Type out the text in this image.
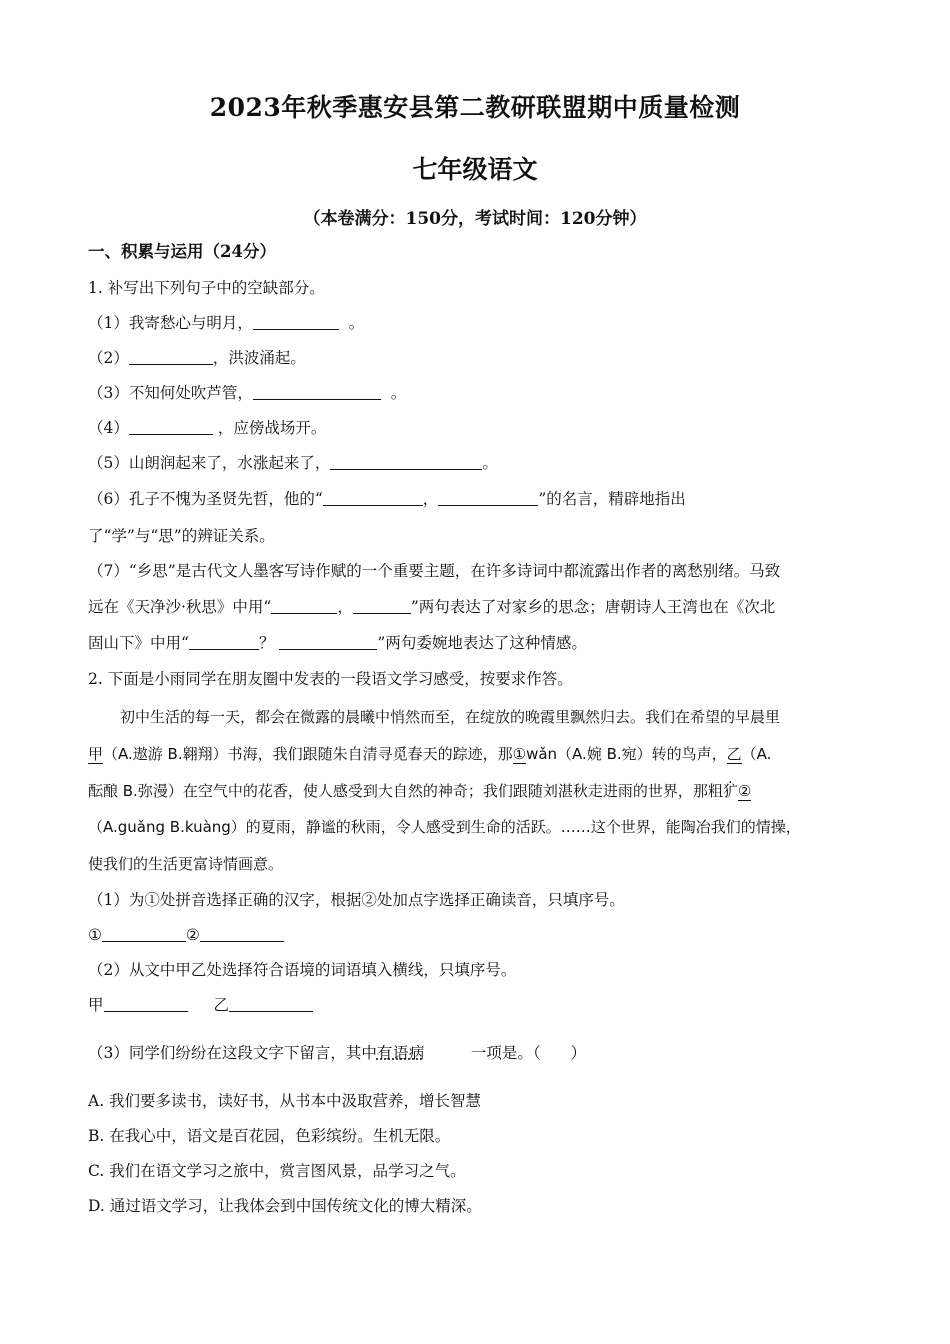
2023年秋季惠安县第二教研联盟期中质量检测
七年级语文
（本卷满分：150分，考试时间：120分钟）
一、积累与运用（24分）
1. 补写出下列句子中的空缺部分。
（1）我寄愁心与明月，	。
（2）	，洪波涌起。
（3）不知何处吹芦管，	。
（4）	，应傍战场开。
（5）山朗润起来了，水涨起来了，	。
（6）孔子不愧为圣贤先哲，他的“	，	”的名言，精辟地指出
了“学”与“思”的辨证关系。
（7）“乡思”是古代文人墨客写诗作赋的一个重要主题，在许多诗词中都流露出作者的离愁别绪。马致
远在《天净沙·秋思》中用“	，	”两句表达了对家乡的思念；唐朝诗人王湾也在《次北
固山下》中用“	？	”两句委婉地表达了这种情感。
2. 下面是小雨同学在朋友圈中发表的一段语文学习感受，按要求作答。
初中生活的每一天，都会在微露的晨曦中悄然而至，在绽放的晚霞里飘然归去。我们在希望的早晨里
甲（A.遨游 B.翱翔）书海，我们跟随朱自清寻觅春天的踪迹，那①wǎn（A.婉 B.宛）转的鸟声，乙（A.
酝酿 B.弥漫）在空气中的花香，使人感受到大自然的神奇；我们跟随刘湛秋走进雨的世界，那粗犷②
（A.guǎng B.kuàng）的夏雨，静谧的秋雨，令人感受到生命的活跃。……这个世界，能陶冶我们的情操，
使我们的生活更富诗情画意。
（1）为①处拼音选择正确的汉字，根据②处加点字选择正确读音，只填序号。
①	②
（2）从文中甲乙处选择符合语境的词语填入横线，只填序号。
甲	乙
（3）同学们纷纷在这段文字下留言，其中有语病	一项是。（ ）
A. 我们要多读书，读好书，从书本中汲取营养，增长智慧
B. 在我心中，语文是百花园，色彩缤纷。生机无限。
C. 我们在语文学习之旅中，赏言图风景，品学习之气。
D. 通过语文学习，让我体会到中国传统文化的博大精深。
